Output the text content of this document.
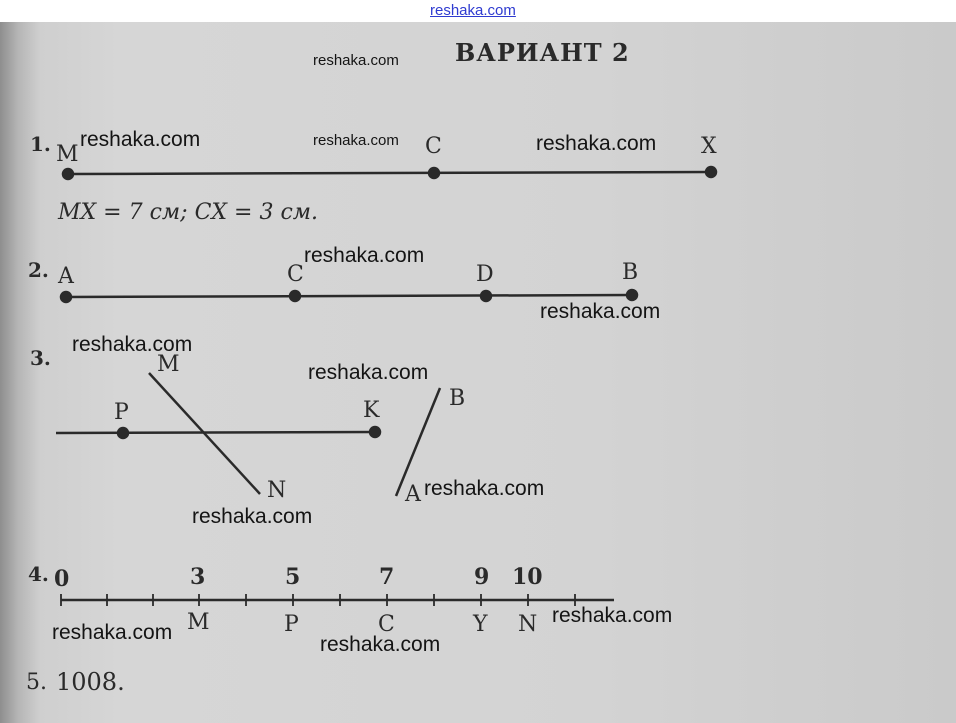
reshaka.com
ВАРИАНТ 2
1. M	C	X
MX = 7 см; CX = 3 см.
2. A	C	D	B
3.	M
P	K	B
N	A
4. 0	3	5	7	9 10
M	P	C	Y N
5. 1008.
reshaka.com
reshaka.com	reshaka.com	reshaka.com
reshaka.com
reshaka.com
reshaka.com
reshaka.com
reshaka.com
reshaka.com
reshaka.com
reshaka.com
reshaka.com
